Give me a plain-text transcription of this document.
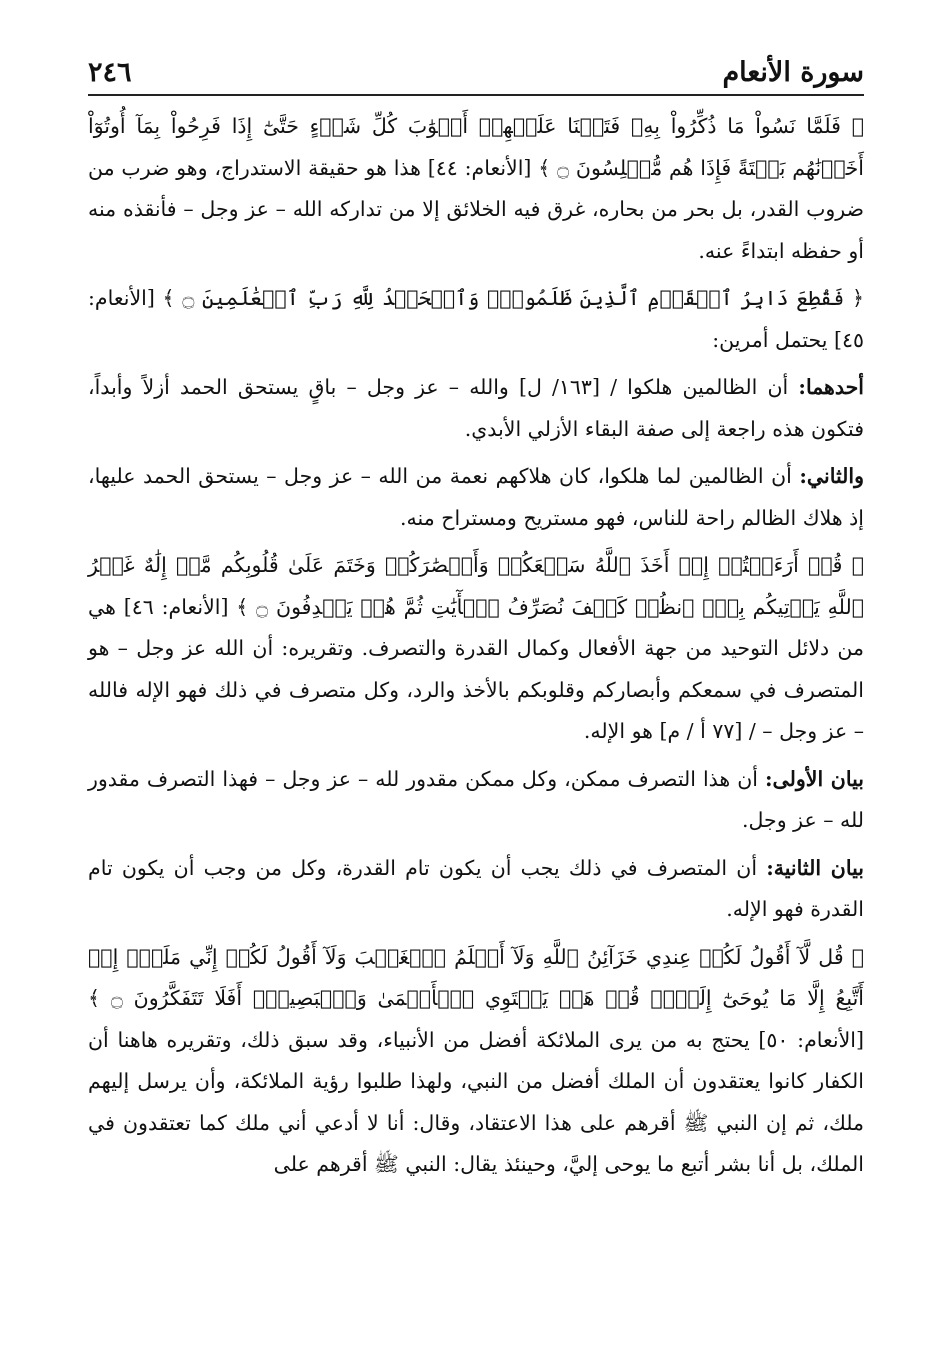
سورة الأنعام
٢٤٦

﴿ فَلَمَّا نَسُواْ مَا ذُكِّرُواْ بِهِۦ فَتَحۡنَا عَلَيۡهِمۡ أَبۡوَٰبَ كُلِّ شَيۡءٍ حَتَّىٰٓ إِذَا فَرِحُواْ بِمَآ أُوتُوٓاْ أَخَذۡنَٰهُم بَغۡتَةً فَإِذَا هُم مُّبۡلِسُونَ ۝ ﴾ [الأنعام: ٤٤] هذا هو حقيقة الاستدراج، وهو ضرب من ضروب القدر، بل بحر من بحاره، غرق فيه الخلائق إلا من تداركه الله – عز وجل – فأنقذه منه أو حفظه ابتداءً عنه.

﴿ فَقُطِعَ دَابِرُ ٱلۡقَوۡمِ ٱلَّذِينَ ظَلَمُواْۚ وَٱلۡحَمۡدُ لِلَّهِ رَبِّ ٱلۡعَٰلَمِينَ ۝ ﴾ [الأنعام: ٤٥] يحتمل أمرين:

أحدهما: أن الظالمين هلكوا / [١٦٣/ ل] والله – عز وجل – باقٍ يستحق الحمد أزلاً وأبداً، فتكون هذه راجعة إلى صفة البقاء الأزلي الأبدي.

والثاني: أن الظالمين لما هلكوا، كان هلاكهم نعمة من الله – عز وجل – يستحق الحمد عليها، إذ هلاك الظالم راحة للناس، فهو مستريح ومستراح منه.

﴿ قُلۡ أَرَءَيۡتُمۡ إِنۡ أَخَذَ ٱللَّهُ سَمۡعَكُمۡ وَأَبۡصَٰرَكُمۡ وَخَتَمَ عَلَىٰ قُلُوبِكُم مَّنۡ إِلَٰهٌ غَيۡرُ ٱللَّهِ يَأۡتِيكُم بِهِۗ ٱنظُرۡ كَيۡفَ نُصَرِّفُ ٱلۡأٓيَٰتِ ثُمَّ هُمۡ يَصۡدِفُونَ ۝ ﴾ [الأنعام: ٤٦] هي من دلائل التوحيد من جهة الأفعال وكمال القدرة والتصرف. وتقريره: أن الله عز وجل – هو المتصرف في سمعكم وأبصاركم وقلوبكم بالأخذ والرد، وكل متصرف في ذلك فهو الإله فالله – عز وجل – / [٧٧ أ / م] هو الإله.

بيان الأولى: أن هذا التصرف ممكن، وكل ممكن مقدور لله – عز وجل – فهذا التصرف مقدور لله – عز وجل.

بيان الثانية: أن المتصرف في ذلك يجب أن يكون تام القدرة، وكل من وجب أن يكون تام القدرة فهو الإله.

﴿ قُل لَّآ أَقُولُ لَكُمۡ عِندِي خَزَآئِنُ ٱللَّهِ وَلَآ أَعۡلَمُ ٱلۡغَيۡبَ وَلَآ أَقُولُ لَكُمۡ إِنِّي مَلَكٌۖ إِنۡ أَتَّبِعُ إِلَّا مَا يُوحَىٰٓ إِلَيَّۚ قُلۡ هَلۡ يَسۡتَوِي ٱلۡأَعۡمَىٰ وَٱلۡبَصِيرُۚ أَفَلَا تَتَفَكَّرُونَ ۝ ﴾ [الأنعام: ٥٠] يحتج به من يرى الملائكة أفضل من الأنبياء، وقد سبق ذلك، وتقريره هاهنا أن الكفار كانوا يعتقدون أن الملك أفضل من النبي، ولهذا طلبوا رؤية الملائكة، وأن يرسل إليهم ملك، ثم إن النبي ﷺ أقرهم على هذا الاعتقاد، وقال: أنا لا أدعي أني ملك كما تعتقدون في الملك، بل أنا بشر أتبع ما يوحى إليَّ، وحينئذ يقال: النبي ﷺ أقرهم على
